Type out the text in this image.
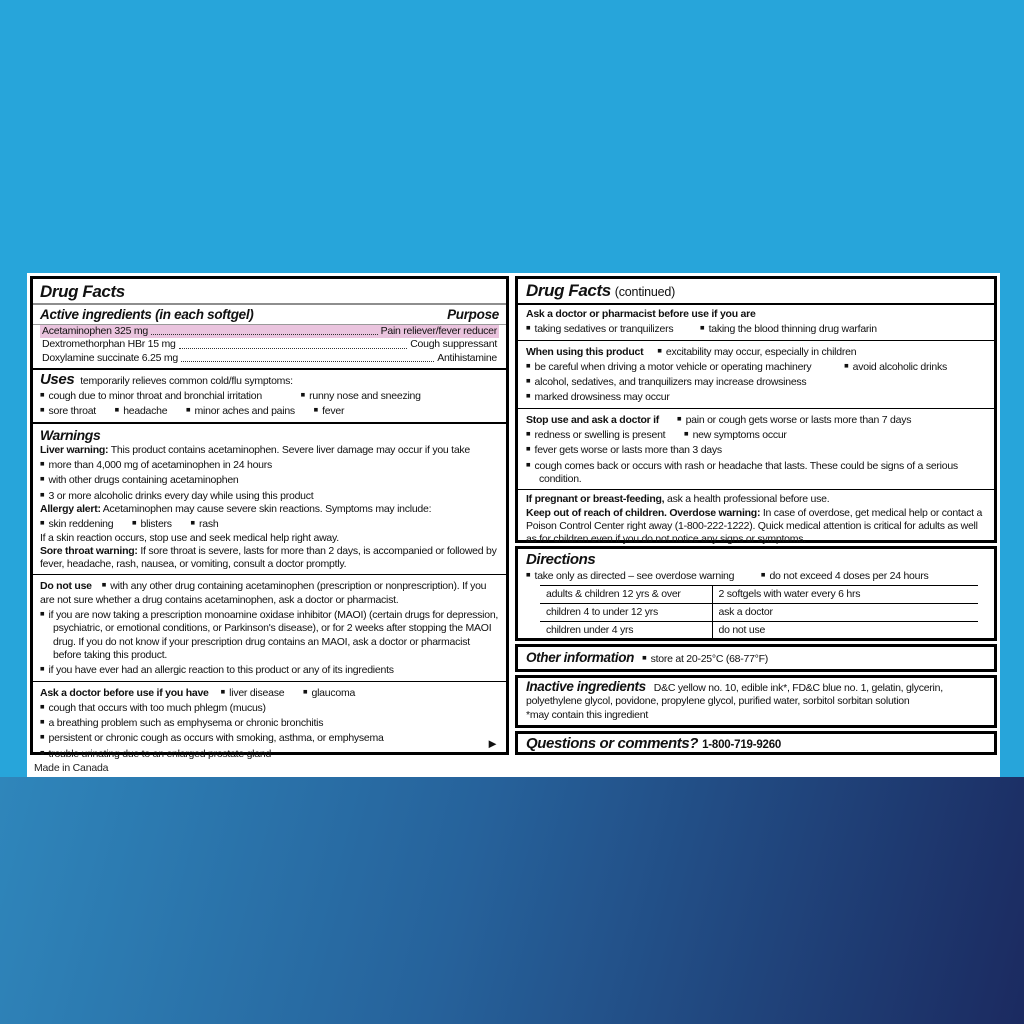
Drug Facts
Active ingredients (in each softgel)	Purpose
Acetaminophen 325 mg	Pain reliever/fever reducer
Dextromethorphan HBr 15 mg	Cough suppressant
Doxylamine succinate 6.25 mg	Antihistamine
Uses temporarily relieves common cold/flu symptoms:
■ cough due to minor throat and bronchial irritation	■ runny nose and sneezing
■ sore throat	■ headache	■ minor aches and pains	■ fever
Warnings
Liver warning: This product contains acetaminophen. Severe liver damage may occur if you take
■ more than 4,000 mg of acetaminophen in 24 hours
■ with other drugs containing acetaminophen
■ 3 or more alcoholic drinks every day while using this product
Allergy alert: Acetaminophen may cause severe skin reactions. Symptoms may include:
■ skin reddening	■ blisters	■ rash
If a skin reaction occurs, stop use and seek medical help right away.
Sore throat warning: If sore throat is severe, lasts for more than 2 days, is accompanied or followed by fever, headache, rash, nausea, or vomiting, consult a doctor promptly.
Do not use ■ with any other drug containing acetaminophen (prescription or nonprescription). If you are not sure whether a drug contains acetaminophen, ask a doctor or pharmacist.
■ if you are now taking a prescription monoamine oxidase inhibitor (MAOI) (certain drugs for depression, psychiatric, or emotional conditions, or Parkinson's disease), or for 2 weeks after stopping the MAOI drug. If you do not know if your prescription drug contains an MAOI, ask a doctor or pharmacist before taking this product.
■ if you have ever had an allergic reaction to this product or any of its ingredients
Ask a doctor before use if you have ■ liver disease	■ glaucoma
■ cough that occurs with too much phlegm (mucus)
■ a breathing problem such as emphysema or chronic bronchitis
■ persistent or chronic cough as occurs with smoking, asthma, or emphysema
■ trouble urinating due to an enlarged prostate gland
►
Drug Facts (continued)
Ask a doctor or pharmacist before use if you are
■ taking sedatives or tranquilizers	■ taking the blood thinning drug warfarin
When using this product ■ excitability may occur, especially in children
■ be careful when driving a motor vehicle or operating machinery	■ avoid alcoholic drinks
■ alcohol, sedatives, and tranquilizers may increase drowsiness
■ marked drowsiness may occur
Stop use and ask a doctor if	■ pain or cough gets worse or lasts more than 7 days
■ redness or swelling is present	■ new symptoms occur
■ fever gets worse or lasts more than 3 days
■ cough comes back or occurs with rash or headache that lasts. These could be signs of a serious condition.
If pregnant or breast-feeding, ask a health professional before use.
Keep out of reach of children. Overdose warning: In case of overdose, get medical help or contact a Poison Control Center right away (1-800-222-1222). Quick medical attention is critical for adults as well as for children even if you do not notice any signs or symptoms.
Directions
■ take only as directed – see overdose warning	■ do not exceed 4 doses per 24 hours
adults & children 12 yrs & over	2 softgels with water every 6 hrs
children 4 to under 12 yrs	ask a doctor
children under 4 yrs	do not use
Other information ■ store at 20-25°C (68-77°F)
Inactive ingredients D&C yellow no. 10, edible ink*, FD&C blue no. 1, gelatin, glycerin, polyethylene glycol, povidone, propylene glycol, purified water, sorbitol sorbitan solution
*may contain this ingredient
Questions or comments? 1-800-719-9260
Made in Canada
